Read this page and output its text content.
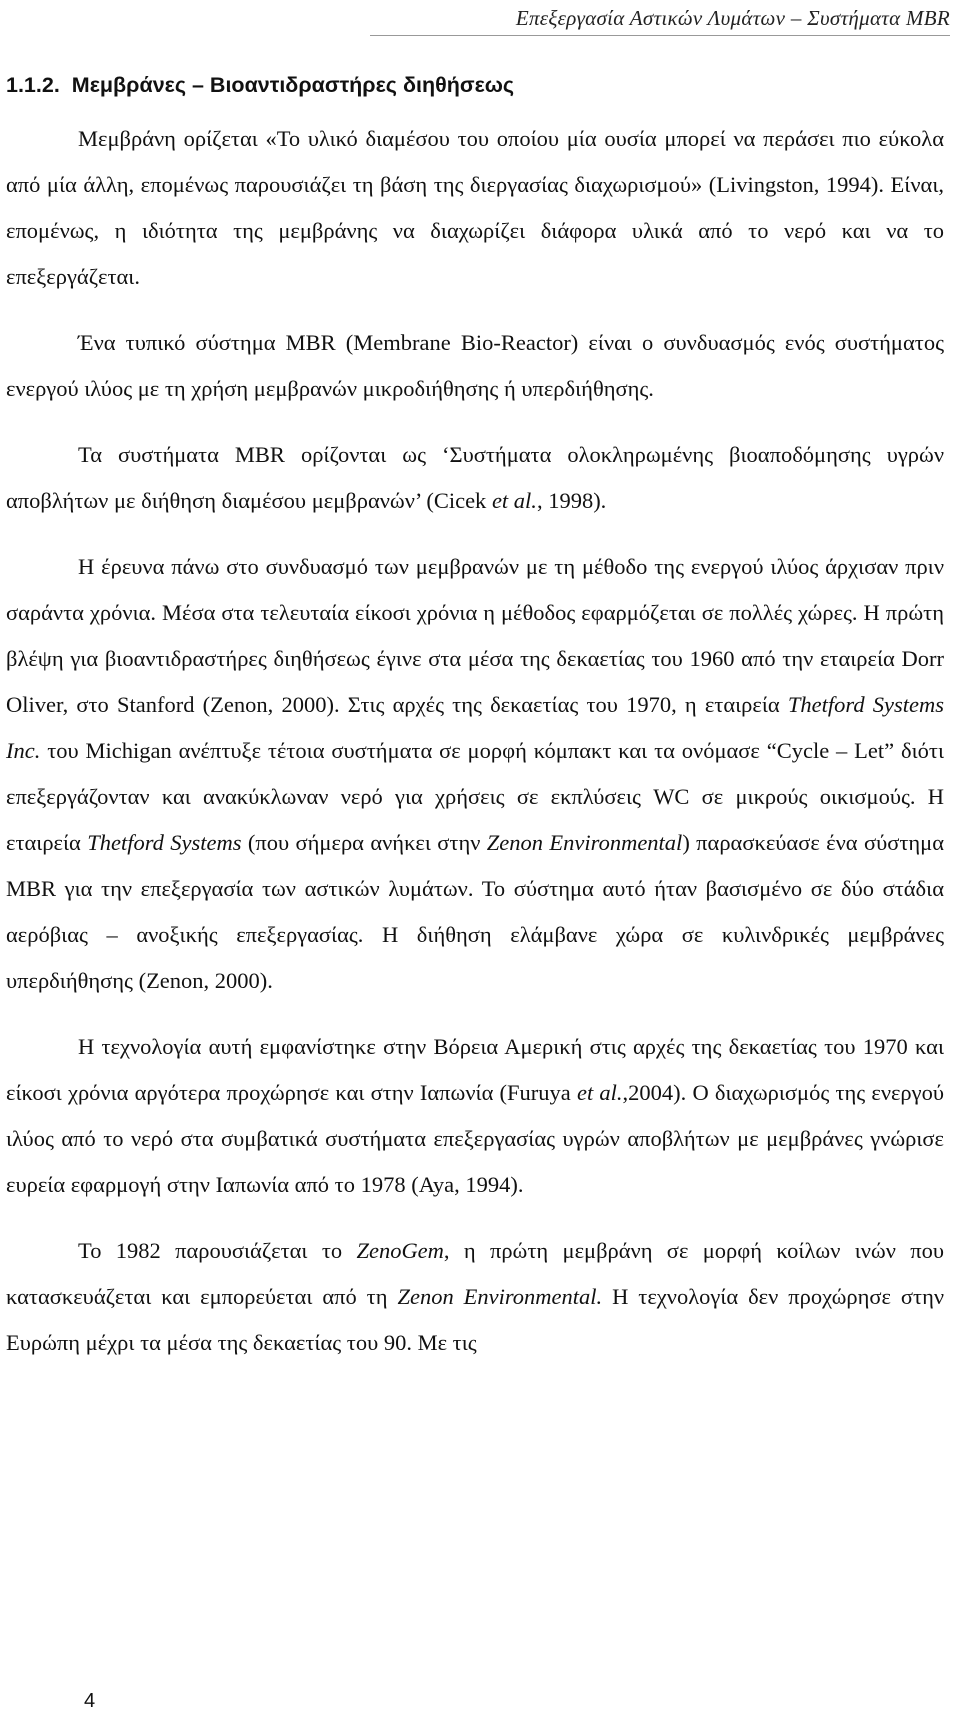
Επεξεργασία Αστικών Λυμάτων – Συστήματα MBR
1.1.2. Μεμβράνες – Βιοαντιδραστήρες διηθήσεως

Μεμβράνη ορίζεται «Το υλικό διαμέσου του οποίου μία ουσία μπορεί να περάσει πιο εύκολα από μία άλλη, επομένως παρουσιάζει τη βάση της διεργασίας διαχωρισμού» (Livingston, 1994). Είναι, επομένως, η ιδιότητα της μεμβράνης να διαχωρίζει διάφορα υλικά από το νερό και να το επεξεργάζεται.

Ένα τυπικό σύστημα MBR (Membrane Bio-Reactor) είναι ο συνδυασμός ενός συστήματος ενεργού ιλύος με τη χρήση μεμβρανών μικροδιήθησης ή υπερδιήθησης.

Τα συστήματα MBR ορίζονται ως ‘Συστήματα ολοκληρωμένης βιοαποδόμησης υγρών αποβλήτων με διήθηση διαμέσου μεμβρανών’ (Cicek et al., 1998).

Η έρευνα πάνω στο συνδυασμό των μεμβρανών με τη μέθοδο της ενεργού ιλύος άρχισαν πριν σαράντα χρόνια. Μέσα στα τελευταία είκοσι χρόνια η μέθοδος εφαρμόζεται σε πολλές χώρες. Η πρώτη βλέψη για βιοαντιδραστήρες διηθήσεως έγινε στα μέσα της δεκαετίας του 1960 από την εταιρεία Dorr Oliver, στο Stanford (Zenon, 2000). Στις αρχές της δεκαετίας του 1970, η εταιρεία Thetford Systems Inc. του Michigan ανέπτυξε τέτοια συστήματα σε μορφή κόμπακτ και τα ονόμασε “Cycle – Let” διότι επεξεργάζονταν και ανακύκλωναν νερό για χρήσεις σε εκπλύσεις WC σε μικρούς οικισμούς. Η εταιρεία Thetford Systems (που σήμερα ανήκει στην Zenon Environmental) παρασκεύασε ένα σύστημα MBR για την επεξεργασία των αστικών λυμάτων. Το σύστημα αυτό ήταν βασισμένο σε δύο στάδια αερόβιας – ανοξικής επεξεργασίας. Η διήθηση ελάμβανε χώρα σε κυλινδρικές μεμβράνες υπερδιήθησης (Zenon, 2000).

Η τεχνολογία αυτή εμφανίστηκε στην Βόρεια Αμερική στις αρχές της δεκαετίας του 1970 και είκοσι χρόνια αργότερα προχώρησε και στην Ιαπωνία (Furuya et al.,2004). Ο διαχωρισμός της ενεργού ιλύος από το νερό στα συμβατικά συστήματα επεξεργασίας υγρών αποβλήτων με μεμβράνες γνώρισε ευρεία εφαρμογή στην Ιαπωνία από το 1978 (Aya, 1994).

Το 1982 παρουσιάζεται το ZenoGem, η πρώτη μεμβράνη σε μορφή κοίλων ινών που κατασκευάζεται και εμπορεύεται από τη Zenon Environmental. Η τεχνολογία δεν προχώρησε στην Ευρώπη μέχρι τα μέσα της δεκαετίας του 90. Με τις

4
